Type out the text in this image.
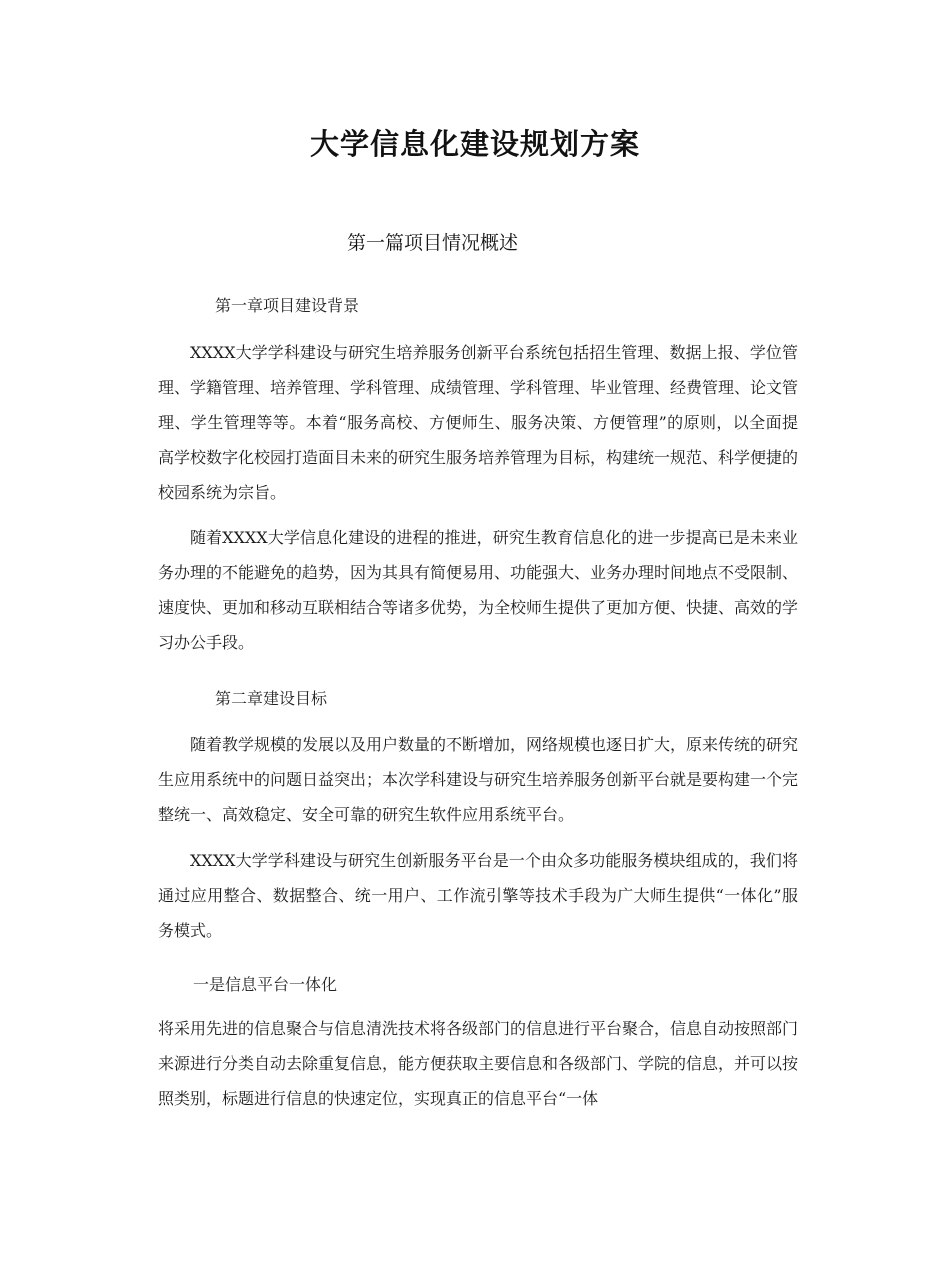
大学信息化建设规划方案
第一篇项目情况概述
第一章项目建设背景
XXXX大学学科建设与研究生培养服务创新平台系统包括招生管理、数据上报、学位管理、学籍管理、培养管理、学科管理、成绩管理、学科管理、毕业管理、经费管理、论文管理、学生管理等等。本着“服务高校、方便师生、服务决策、方便管理”的原则，以全面提高学校数字化校园打造面目未来的研究生服务培养管理为目标，构建统一规范、科学便捷的校园系统为宗旨。
随着XXXX大学信息化建设的进程的推进，研究生教育信息化的进一步提高已是未来业务办理的不能避免的趋势，因为其具有简便易用、功能强大、业务办理时间地点不受限制、速度快、更加和移动互联相结合等诸多优势，为全校师生提供了更加方便、快捷、高效的学习办公手段。
第二章建设目标
随着教学规模的发展以及用户数量的不断增加，网络规模也逐日扩大，原来传统的研究生应用系统中的问题日益突出；本次学科建设与研究生培养服务创新平台就是要构建一个完整统一、高效稳定、安全可靠的研究生软件应用系统平台。
XXXX大学学科建设与研究生创新服务平台是一个由众多功能服务模块组成的，我们将通过应用整合、数据整合、统一用户、工作流引擎等技术手段为广大师生提供“一体化”服务模式。
一是信息平台一体化
将采用先进的信息聚合与信息清洗技术将各级部门的信息进行平台聚合，信息自动按照部门来源进行分类自动去除重复信息，能方便获取主要信息和各级部门、学院的信息，并可以按照类别，标题进行信息的快速定位，实现真正的信息平台“一体
